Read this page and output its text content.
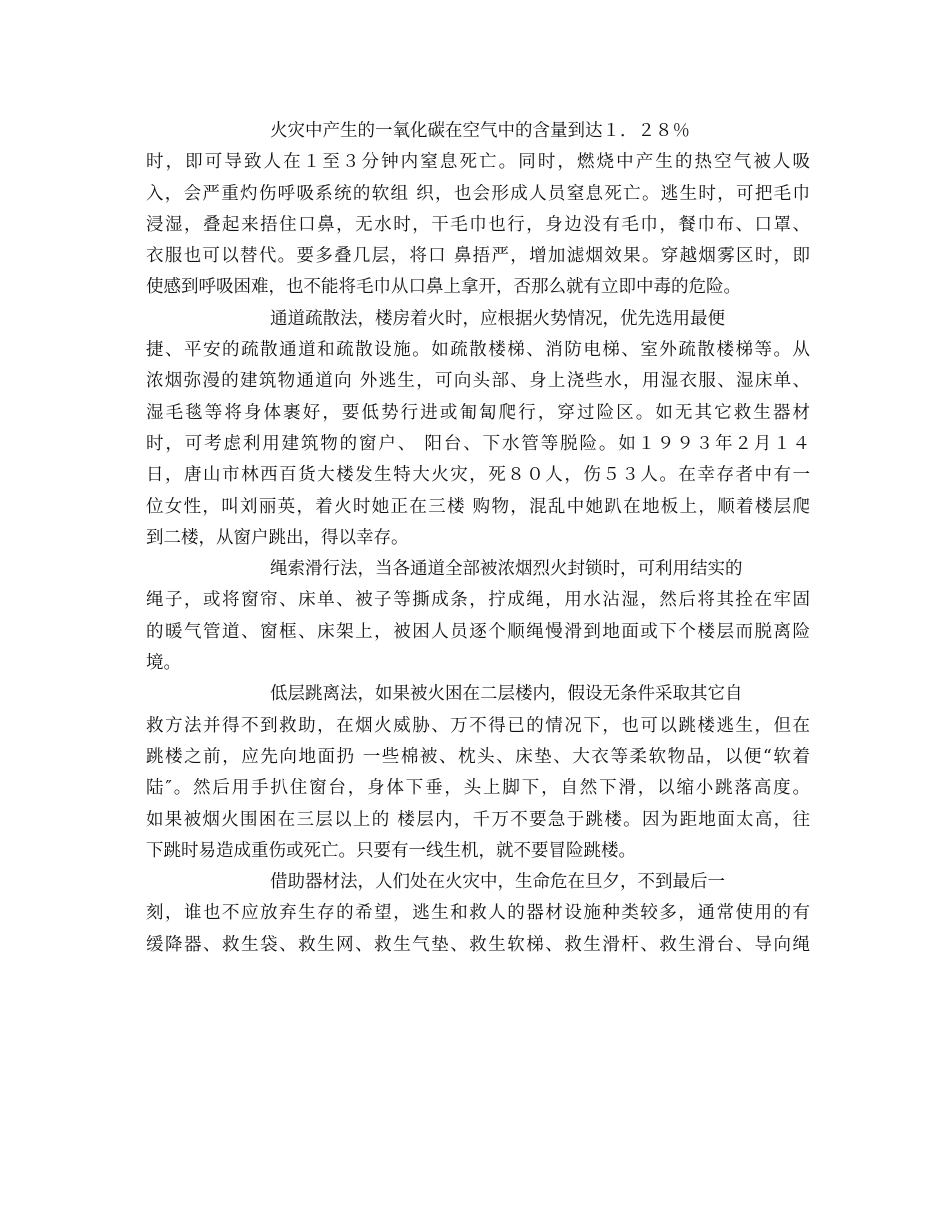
火灾中产生的一氧化碳在空气中的含量到达１．２８％
时，即可导致人在１至３分钟内窒息死亡。同时，燃烧中产生的热空气被人吸
入，会严重灼伤呼吸系统的软组 织，也会形成人员窒息死亡。逃生时，可把毛巾
浸湿，叠起来捂住口鼻，无水时，干毛巾也行，身边没有毛巾，餐巾布、口罩、
衣服也可以替代。要多叠几层，将口 鼻捂严，增加滤烟效果。穿越烟雾区时，即
使感到呼吸困难，也不能将毛巾从口鼻上拿开，否那么就有立即中毒的危险。
通道疏散法，楼房着火时，应根据火势情况，优先选用最便
捷、平安的疏散通道和疏散设施。如疏散楼梯、消防电梯、室外疏散楼梯等。从
浓烟弥漫的建筑物通道向 外逃生，可向头部、身上浇些水，用湿衣服、湿床单、
湿毛毯等将身体裹好，要低势行进或匍匐爬行，穿过险区。如无其它救生器材
时，可考虑利用建筑物的窗户、 阳台、下水管等脱险。如１９９３年２月１４
日，唐山市林西百货大楼发生特大火灾，死８０人，伤５３人。在幸存者中有一
位女性，叫刘丽英，着火时她正在三楼 购物，混乱中她趴在地板上，顺着楼层爬
到二楼，从窗户跳出，得以幸存。
绳索滑行法，当各通道全部被浓烟烈火封锁时，可利用结实的
绳子，或将窗帘、床单、被子等撕成条，拧成绳，用水沾湿，然后将其拴在牢固
的暖气管道、窗框、床架上，被困人员逐个顺绳慢滑到地面或下个楼层而脱离险
境。
低层跳离法，如果被火困在二层楼内，假设无条件采取其它自
救方法并得不到救助，在烟火威胁、万不得已的情况下，也可以跳楼逃生，但在
跳楼之前，应先向地面扔 一些棉被、枕头、床垫、大衣等柔软物品，以便“软着
陆″。然后用手扒住窗台，身体下垂，头上脚下，自然下滑，以缩小跳落高度。
如果被烟火围困在三层以上的 楼层内，千万不要急于跳楼。因为距地面太高，往
下跳时易造成重伤或死亡。只要有一线生机，就不要冒险跳楼。
借助器材法，人们处在火灾中，生命危在旦夕，不到最后一
刻，谁也不应放弃生存的希望，逃生和救人的器材设施种类较多，通常使用的有
缓降器、救生袋、救生网、救生气垫、救生软梯、救生滑杆、救生滑台、导向绳
